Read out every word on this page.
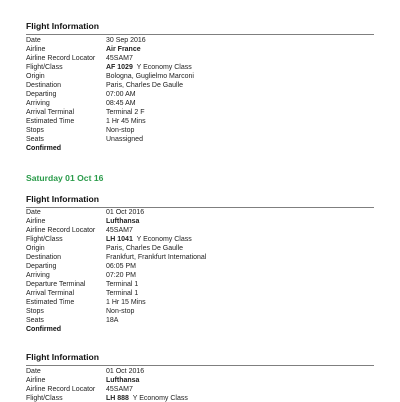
Flight Information
Date	30 Sep 2016
Airline	Air France
Airline Record Locator 45SAM7
Flight/Class	AF 1029 Y Economy Class
Origin	Bologna, Guglielmo Marconi
Destination	Paris, Charles De Gaulle
Departing	07:00 AM
Arriving	08:45 AM
Arrival Terminal	Terminal 2 F
Estimated Time	1 Hr 45 Mins
Stops	Non-stop
Seats	Unassigned
Confirmed
Saturday 01 Oct 16
Flight Information
Date	01 Oct 2016
Airline	Lufthansa
Airline Record Locator 45SAM7
Flight/Class	LH 1041 Y Economy Class
Origin	Paris, Charles De Gaulle
Destination	Frankfurt, Frankfurt International
Departing	06:05 PM
Arriving	07:20 PM
Departure Terminal	Terminal 1
Arrival Terminal	Terminal 1
Estimated Time	1 Hr 15 Mins
Stops	Non-stop
Seats	18A
Confirmed
Flight Information
Date	01 Oct 2016
Airline	Lufthansa
Airline Record Locator 45SAM7
Flight/Class	LH 888 Y Economy Class
